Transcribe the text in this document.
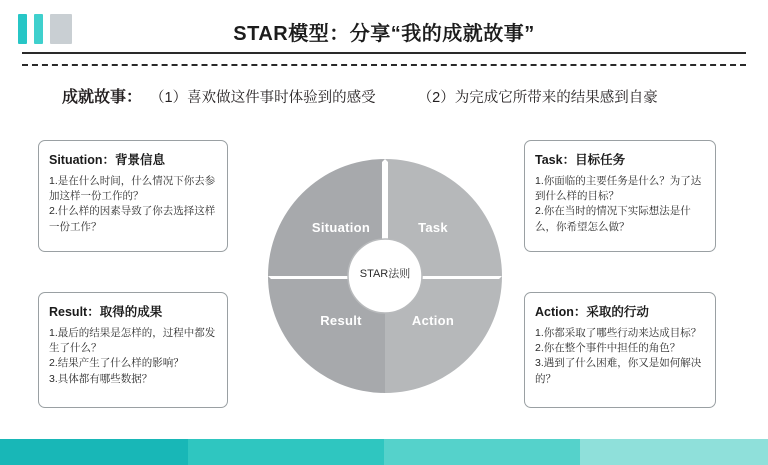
STAR模型：分享“我的成就故事”
成就故事： （1）喜欢做这件事时体验到的感受	（2）为完成它所带来的结果感到自豪
Situation：背景信息
1.是在什么时间，什么情况下你去参
加这样一份工作的？
2.什么样的因素导致了你去选择这样
一份工作？
Task：目标任务
1.你面临的主要任务是什么？为了达
到什么样的目标？
2.你在当时的情况下实际想法是什
么，你希望怎么做？
Result：取得的成果
1.最后的结果是怎样的，过程中都发
生了什么？
2.结果产生了什么样的影响？
3.具体都有哪些数据？
Action：采取的行动
1.你都采取了哪些行动来达成目标？
2.你在整个事件中担任的角色？
3.遇到了什么困难，你又是如何解决
的？
STAR法则
Situation	Task
Result	Action
